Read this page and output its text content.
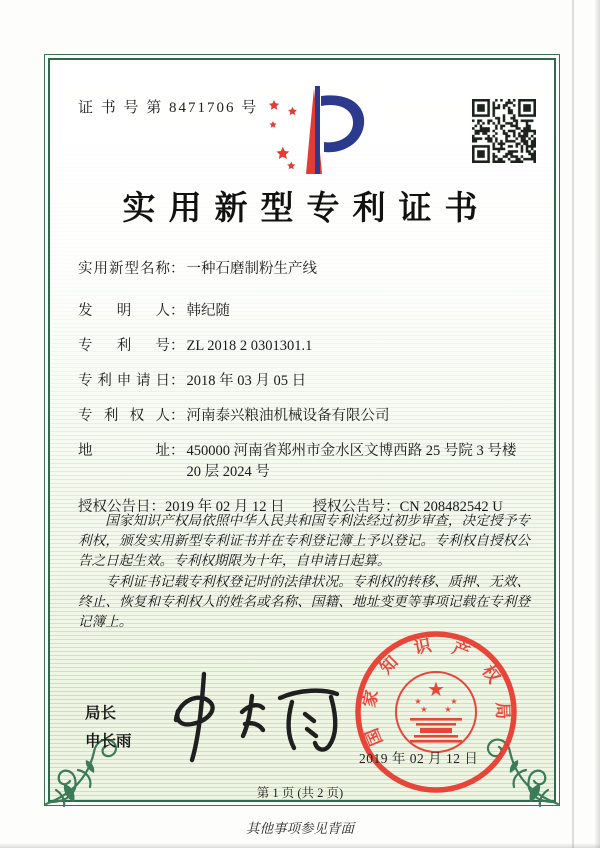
证 书 号 第 8471706 号
实用新型专利证书
实用新型名称 ： 一种石磨制粉生产线
发明人 ： 韩纪随
专利号 ： ZL 2018 2 0301301.1
专利申请日 ： 2018 年 03 月 05 日
专利权人 ： 河南泰兴粮油机械设备有限公司
地址 ： 450000 河南省郑州市金水区文博西路 25 号院 3 号楼 20 层 2024 号
授权公告日 ： 2019 年 02 月 12 日 授权公告号 ： CN 208482542 U

国家知识产权局依照中华人民共和国专利法经过初步审查，决定授予专利权，颁发实用新型专利证书并在专利登记簿上予以登记。专利权自授权公告之日起生效。专利权期限为十年，自申请日起算。

专利证书记载专利权登记时的法律状况。专利权的转移、质押、无效、终止、恢复和专利权人的姓名或名称、国籍、地址变更等事项记载在专利登记簿上。

局长
申长雨	国
家
知
识 产
权
局
★
★	★
★ ★
2019 年 02 月 12 日
第 1 页 (共 2 页)
其他事项参见背面
